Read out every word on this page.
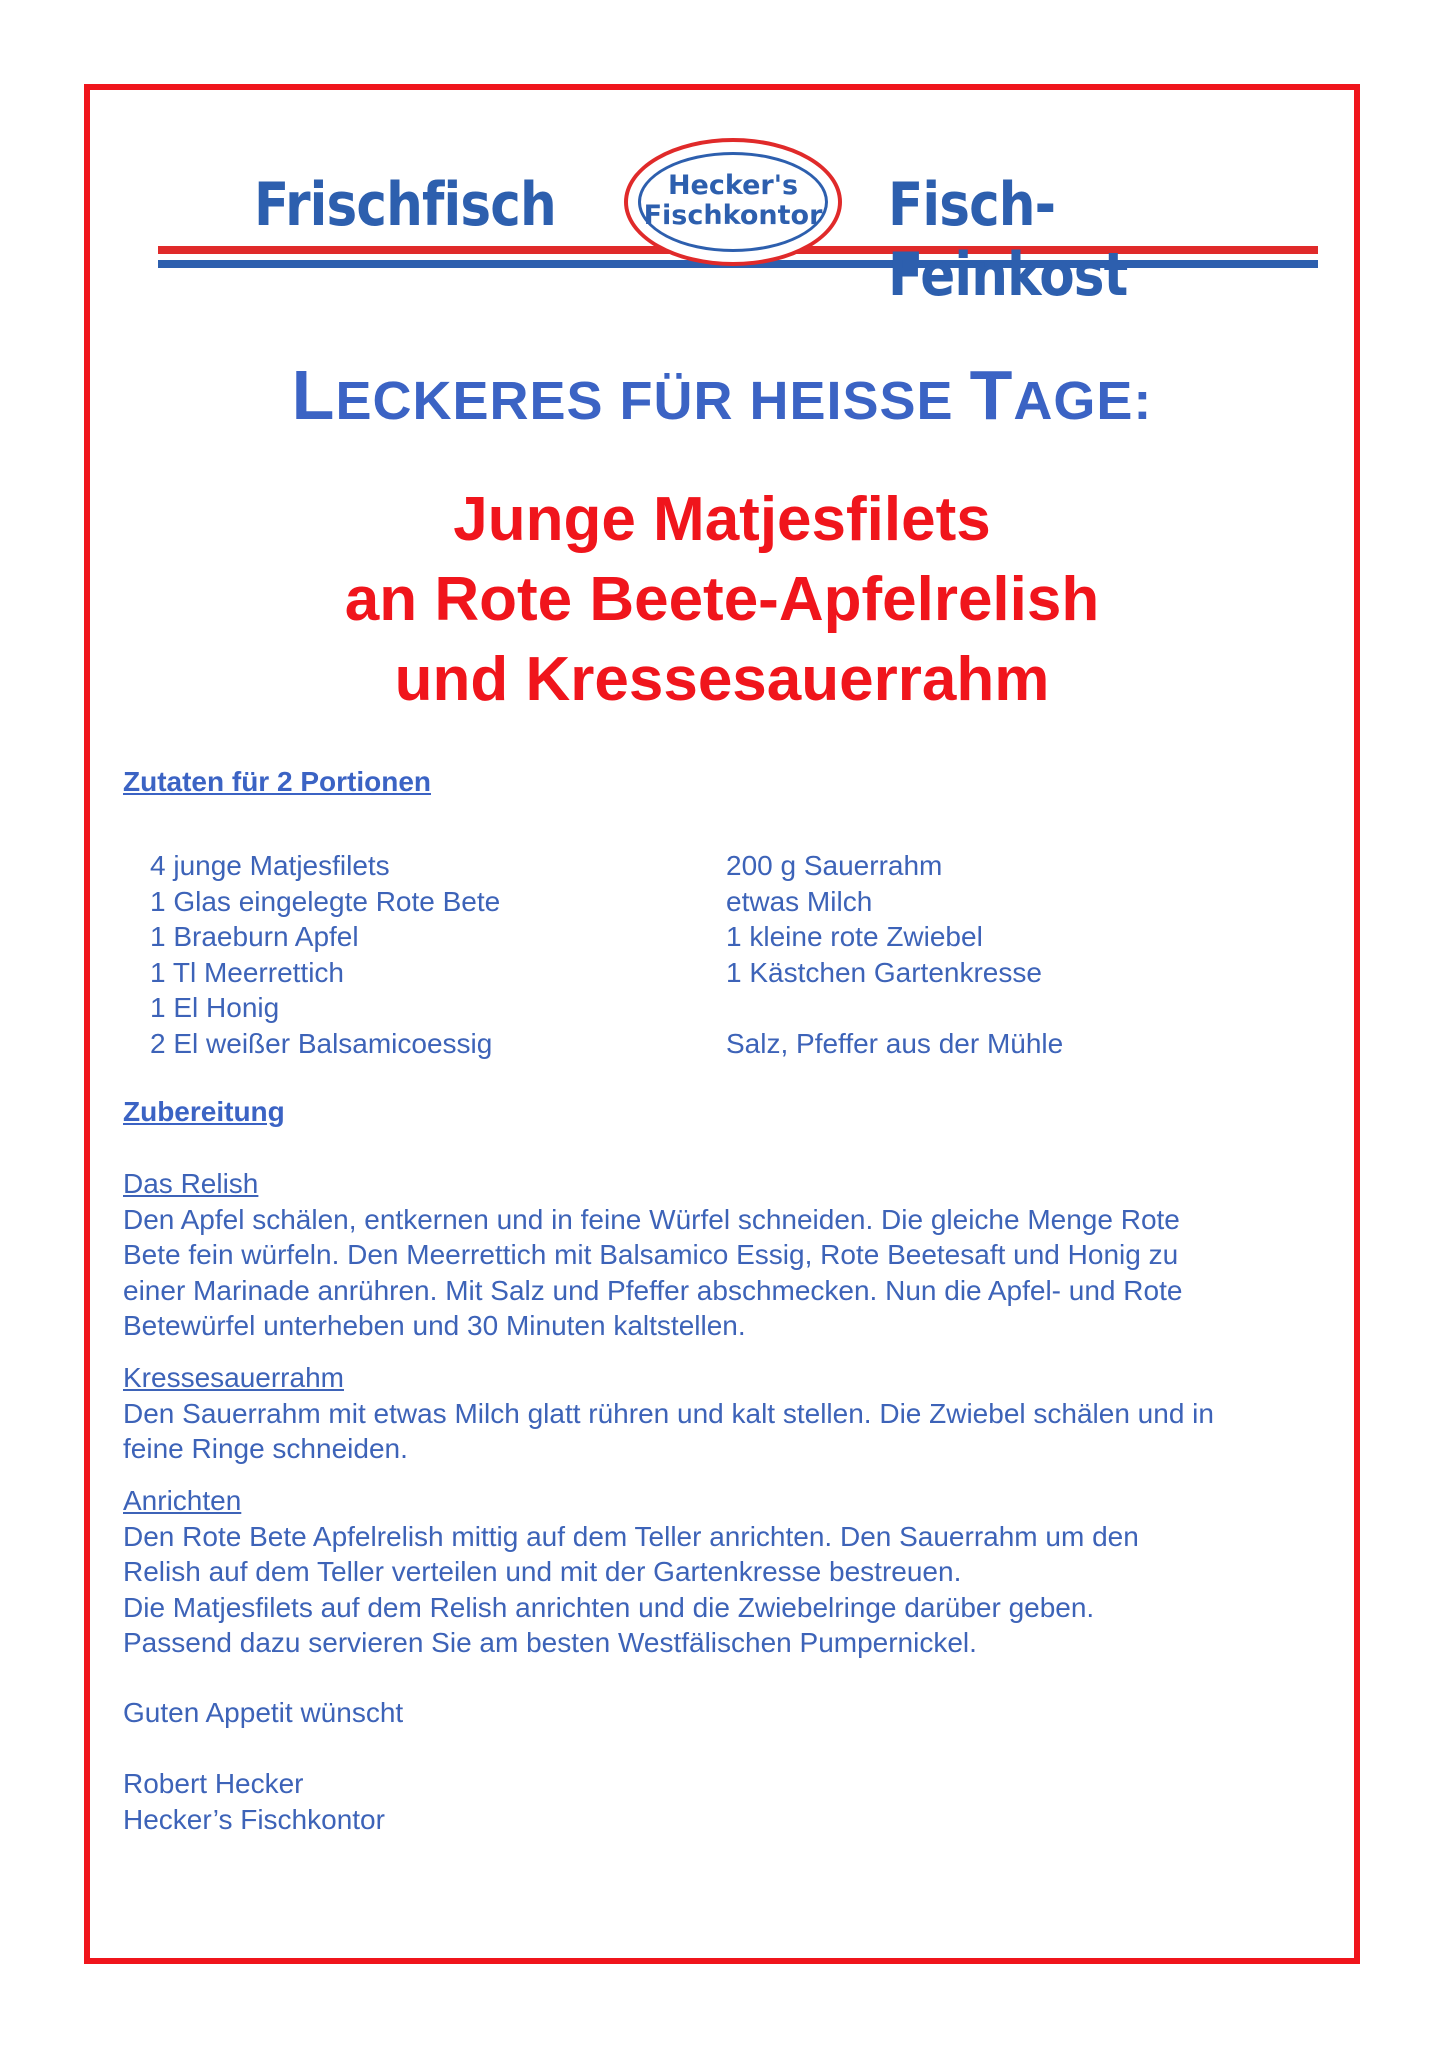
Frischfisch	Fisch-Feinkost
Hecker's
Fischkontor
LECKERES FÜR HEISSE TAGE:
Junge Matjesfilets
an Rote Beete-Apfelrelish
und Kressesauerrahm
Zutaten für 2 Portionen
4 junge Matjesfilets
1 Glas eingelegte Rote Bete
1 Braeburn Apfel
1 Tl Meerrettich
1 El Honig
2 El weißer Balsamicoessig
200 g Sauerrahm
etwas Milch
1 kleine rote Zwiebel
1 Kästchen Gartenkresse
Salz, Pfeffer aus der Mühle
Zubereitung
Das Relish
Den Apfel schälen, entkernen und in feine Würfel schneiden. Die gleiche Menge Rote
Bete fein würfeln. Den Meerrettich mit Balsamico Essig, Rote Beetesaft und Honig zu
einer Marinade anrühren. Mit Salz und Pfeffer abschmecken. Nun die Apfel- und Rote
Betewürfel unterheben und 30 Minuten kaltstellen.
Kressesauerrahm
Den Sauerrahm mit etwas Milch glatt rühren und kalt stellen. Die Zwiebel schälen und in
feine Ringe schneiden.
Anrichten
Den Rote Bete Apfelrelish mittig auf dem Teller anrichten. Den Sauerrahm um den
Relish auf dem Teller verteilen und mit der Gartenkresse bestreuen.
Die Matjesfilets auf dem Relish anrichten und die Zwiebelringe darüber geben.
Passend dazu servieren Sie am besten Westfälischen Pumpernickel.
Guten Appetit wünscht
Robert Hecker
Hecker’s Fischkontor
